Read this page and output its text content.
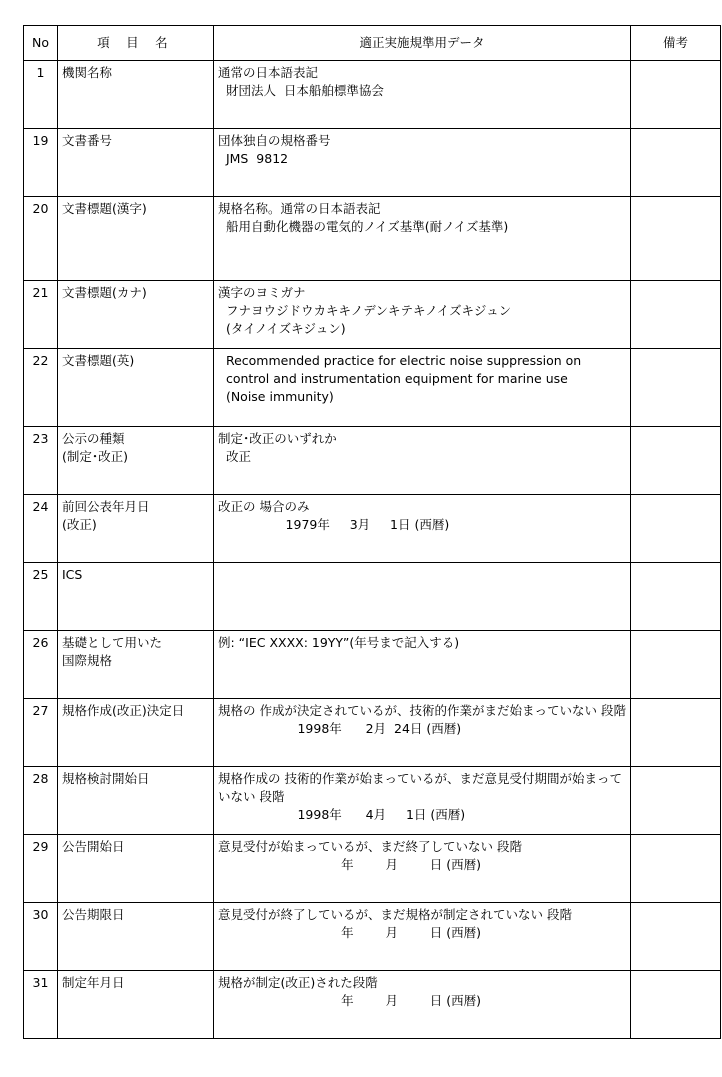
No	項 目 名	適正実施規準用データ	備考
1	機関名称	通常の日本語表記
財団法人  日本船舶標準協会	

19	文書番号	団体独自の規格番号
JMS  9812	

20	文書標題(漢字)	規格名称。通常の日本語表記
船用自動化機器の電気的ノイズ基準(耐ノイズ基準)	

21	文書標題(カナ)	漢字のヨミガナ
フナヨウジドウカキキノデンキテキノイズキジュン
(タイノイズキジュン)	

22	文書標題(英)	Recommended practice for electric noise suppression on
control and instrumentation equipment for marine use
(Noise immunity)	

23	公示の種類
(制定･改正)	制定･改正のいずれか
改正	

24	前回公表年月日
(改正)	改正の 場合のみ
1979年     3月     1日 (西暦)	

25	ICS		

26	基礎として用いた
国際規格	例: “IEC XXXX: 19YY”(年号まで記入する)	

27	規格作成(改正)決定日	規格の 作成が決定されているが、技術的作業がまだ始まっていない 段階
1998年      2月  24日 (西暦)	

28	規格検討開始日	規格作成の 技術的作業が始まっているが、まだ意見受付期間が始まっていない 段階
1998年      4月     1日 (西暦)	

29	公告開始日	意見受付が始まっているが、まだ終了していない 段階
年        月        日 (西暦)	

30	公告期限日	意見受付が終了しているが、まだ規格が制定されていない 段階
年        月        日 (西暦)	

31	制定年月日	規格が制定(改正)された段階
年        月        日 (西暦)	
